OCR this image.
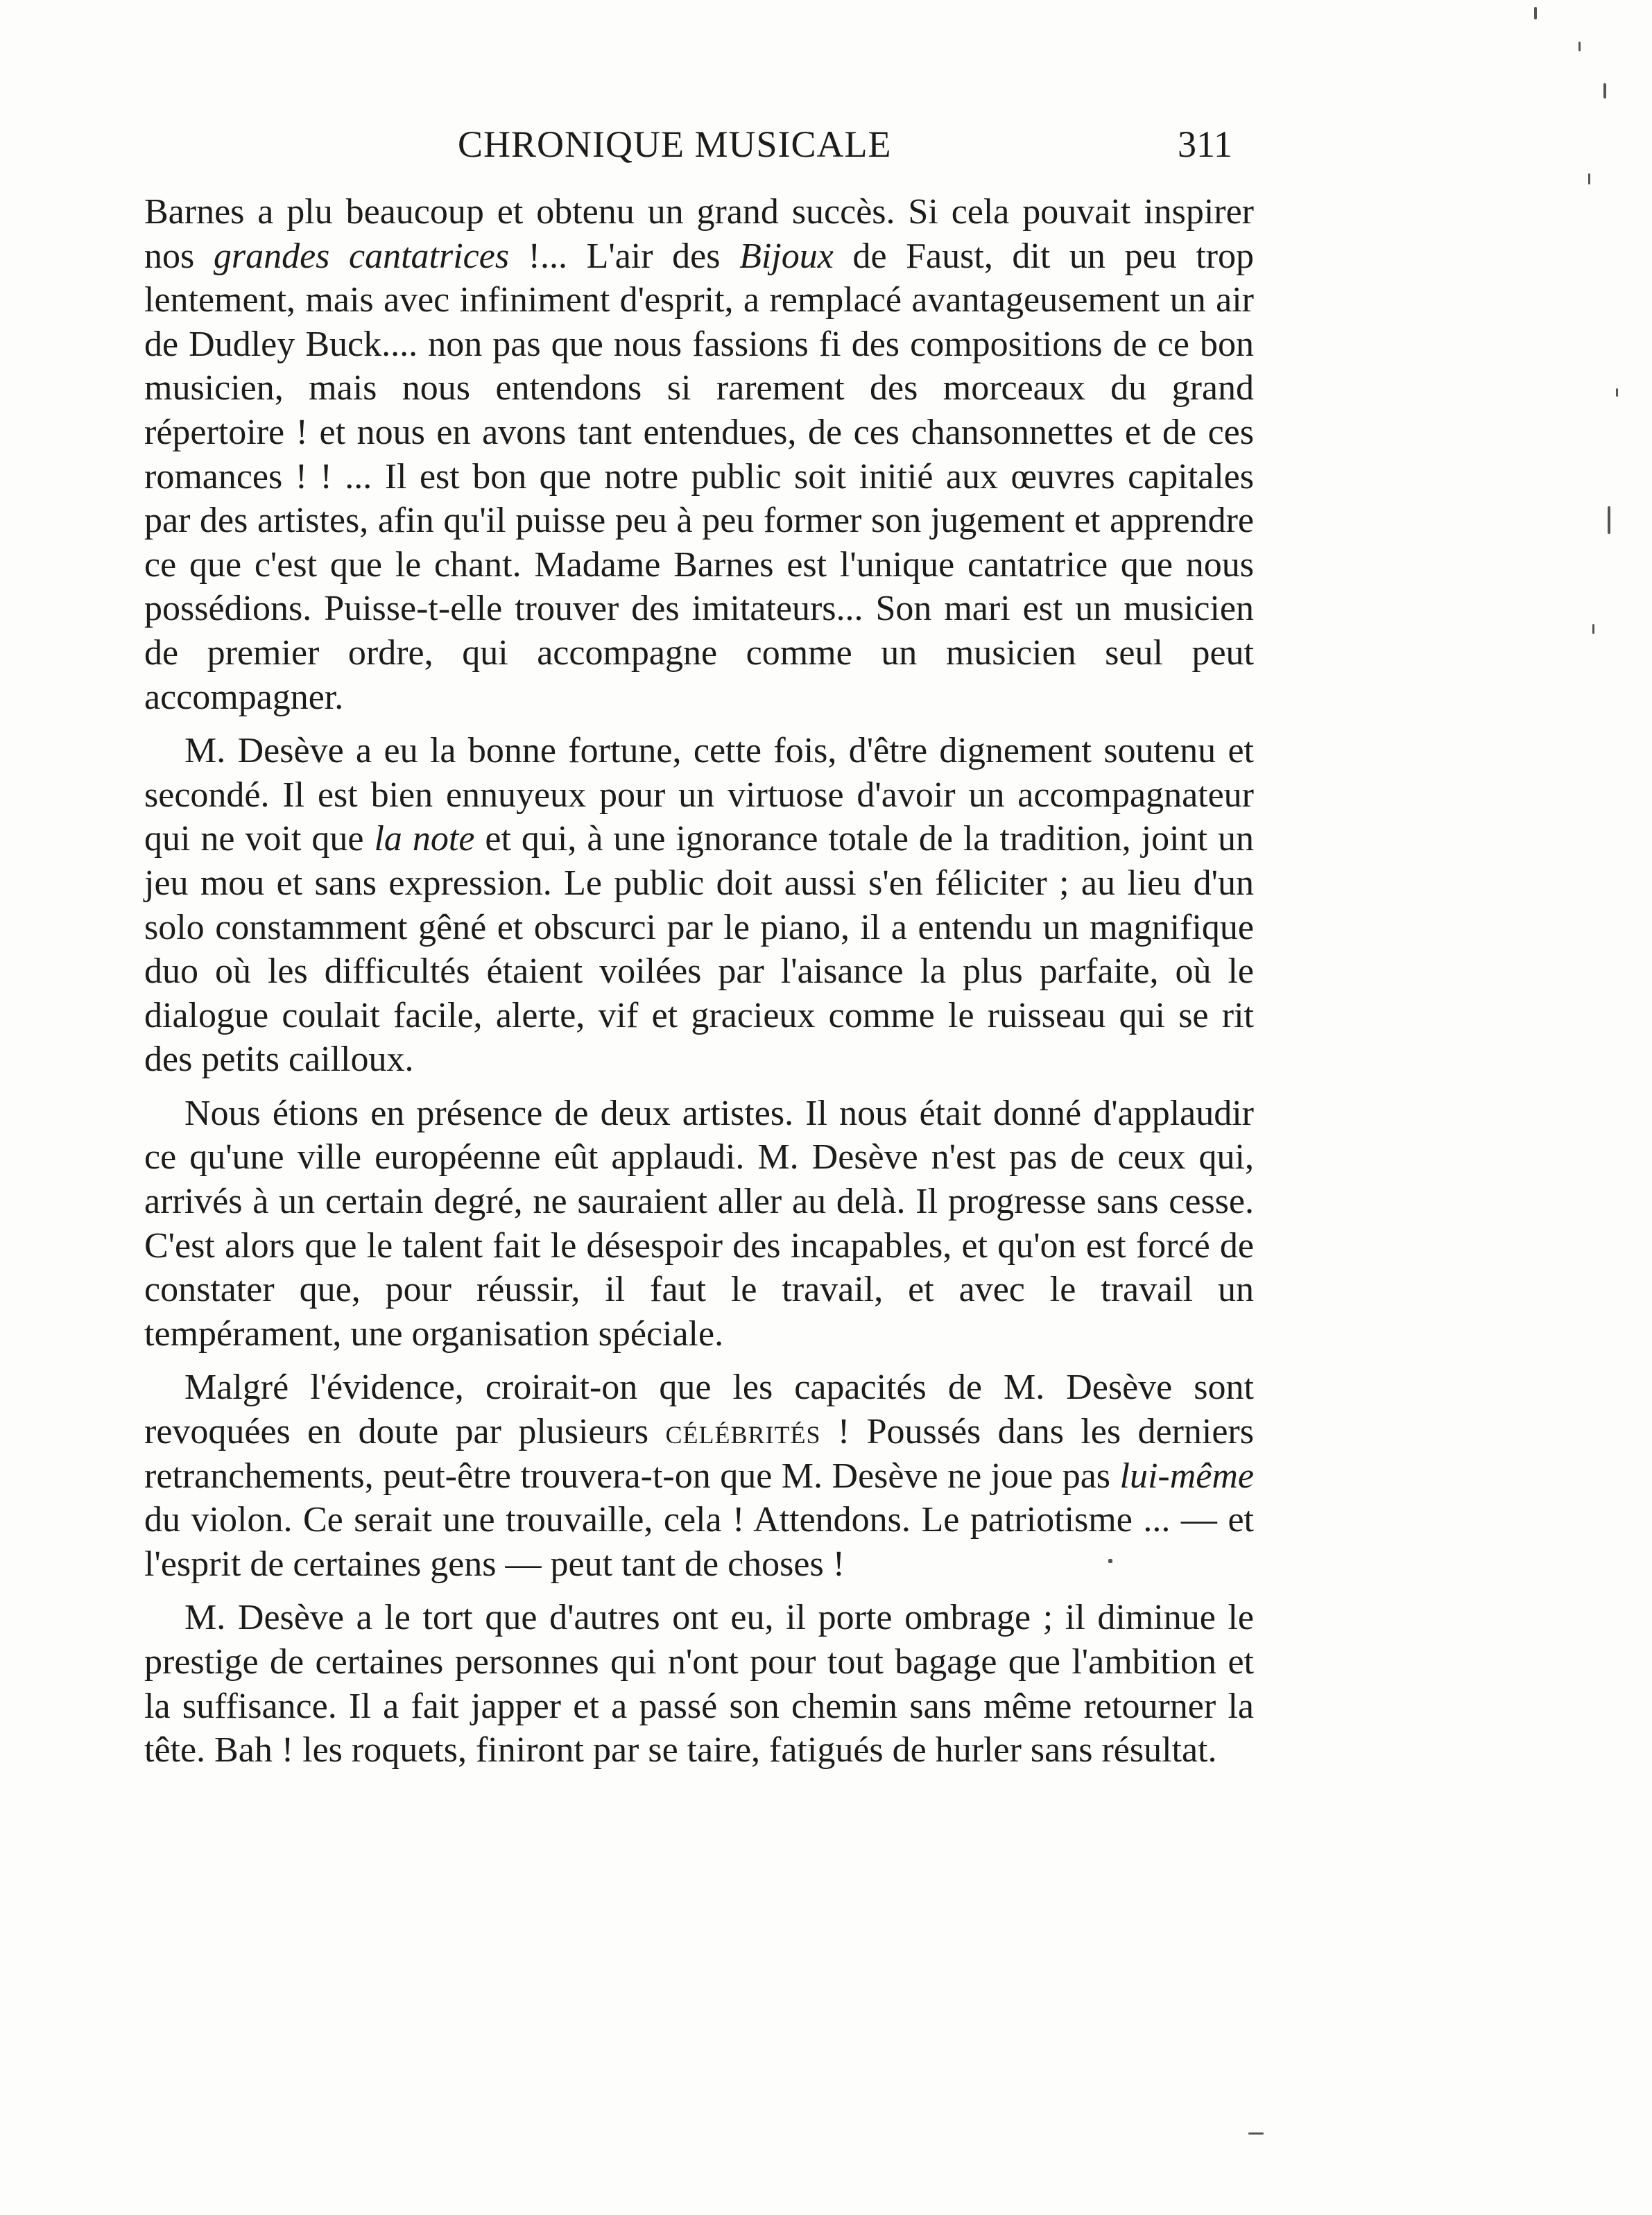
CHRONIQUE MUSICALE	311

Barnes a plu beaucoup et obtenu un grand succès. Si cela pouvait inspirer nos grandes cantatrices !... L'air des Bijoux de Faust, dit un peu trop lentement, mais avec infiniment d'esprit, a remplacé avantageusement un air de Dudley Buck.... non pas que nous fassions fi des compositions de ce bon musicien, mais nous entendons si rarement des morceaux du grand répertoire ! et nous en avons tant entendues, de ces chansonnettes et de ces romances ! ! ... Il est bon que notre public soit initié aux œuvres capitales par des artistes, afin qu'il puisse peu à peu former son jugement et apprendre ce que c'est que le chant. Madame Barnes est l'unique cantatrice que nous possédions. Puisse-t-elle trouver des imitateurs... Son mari est un musicien de premier ordre, qui accompagne comme un musicien seul peut accompagner.

M. Desève a eu la bonne fortune, cette fois, d'être dignement soutenu et secondé. Il est bien ennuyeux pour un virtuose d'avoir un accompagnateur qui ne voit que la note et qui, à une ignorance totale de la tradition, joint un jeu mou et sans expression. Le public doit aussi s'en féliciter ; au lieu d'un solo constamment gêné et obscurci par le piano, il a entendu un magnifique duo où les difficultés étaient voilées par l'aisance la plus parfaite, où le dialogue coulait facile, alerte, vif et gracieux comme le ruisseau qui se rit des petits cailloux.

Nous étions en présence de deux artistes. Il nous était donné d'applaudir ce qu'une ville européenne eût applaudi. M. Desève n'est pas de ceux qui, arrivés à un certain degré, ne sauraient aller au delà. Il progresse sans cesse. C'est alors que le talent fait le désespoir des incapables, et qu'on est forcé de constater que, pour réussir, il faut le travail, et avec le travail un tempérament, une organisation spéciale.

Malgré l'évidence, croirait-on que les capacités de M. Desève sont revoquées en doute par plusieurs célébrités ! Poussés dans les derniers retranchements, peut-être trouvera-t-on que M. Desève ne joue pas lui-même du violon. Ce serait une trouvaille, cela ! Attendons. Le patriotisme ... — et l'esprit de certaines gens — peut tant de choses !

M. Desève a le tort que d'autres ont eu, il porte ombrage ; il diminue le prestige de certaines personnes qui n'ont pour tout bagage que l'ambition et la suffisance. Il a fait japper et a passé son chemin sans même retourner la tête. Bah ! les roquets, finiront par se taire, fatigués de hurler sans résultat.
